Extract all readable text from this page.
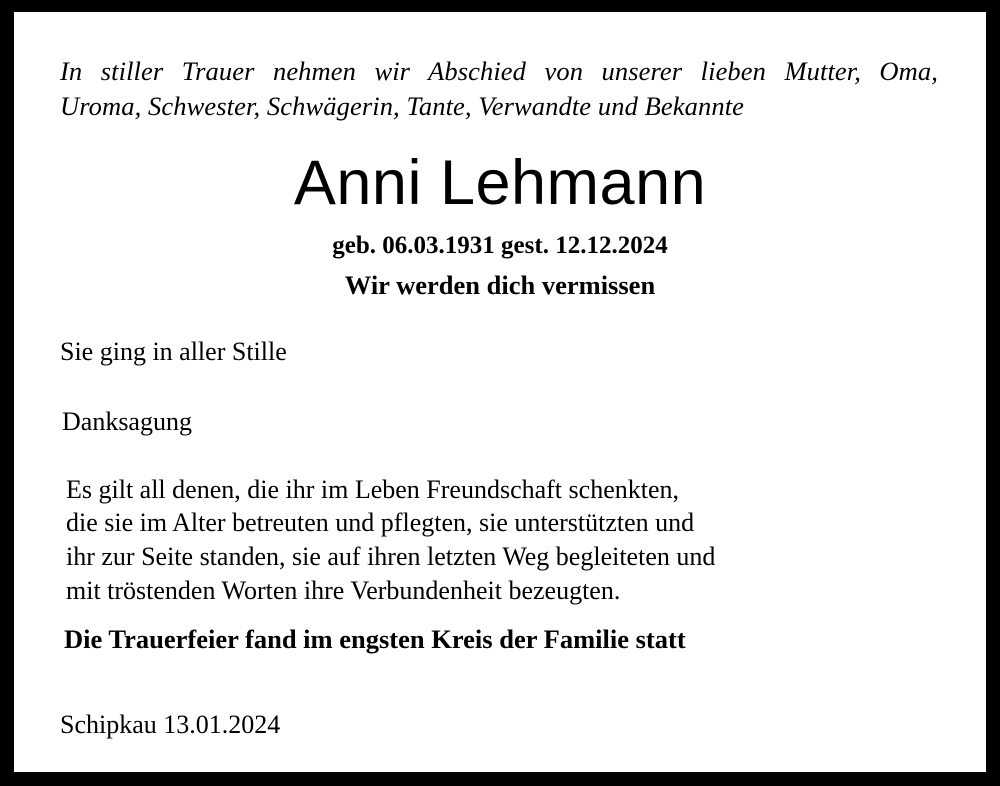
In stiller Trauer nehmen wir Abschied von unserer lieben Mutter, Oma,
Uroma, Schwester, Schwägerin, Tante, Verwandte und Bekannte
Anni Lehmann
geb. 06.03.1931 gest. 12.12.2024
Wir werden dich vermissen
Sie ging in aller Stille
Danksagung
Es gilt all denen, die ihr im Leben Freundschaft schenkten,
die sie im Alter betreuten und pflegten, sie unterstützten und
ihr zur Seite standen, sie auf ihren letzten Weg begleiteten und
mit tröstenden Worten ihre Verbundenheit bezeugten.
Die Trauerfeier fand im engsten Kreis der Familie statt
Schipkau 13.01.2024
